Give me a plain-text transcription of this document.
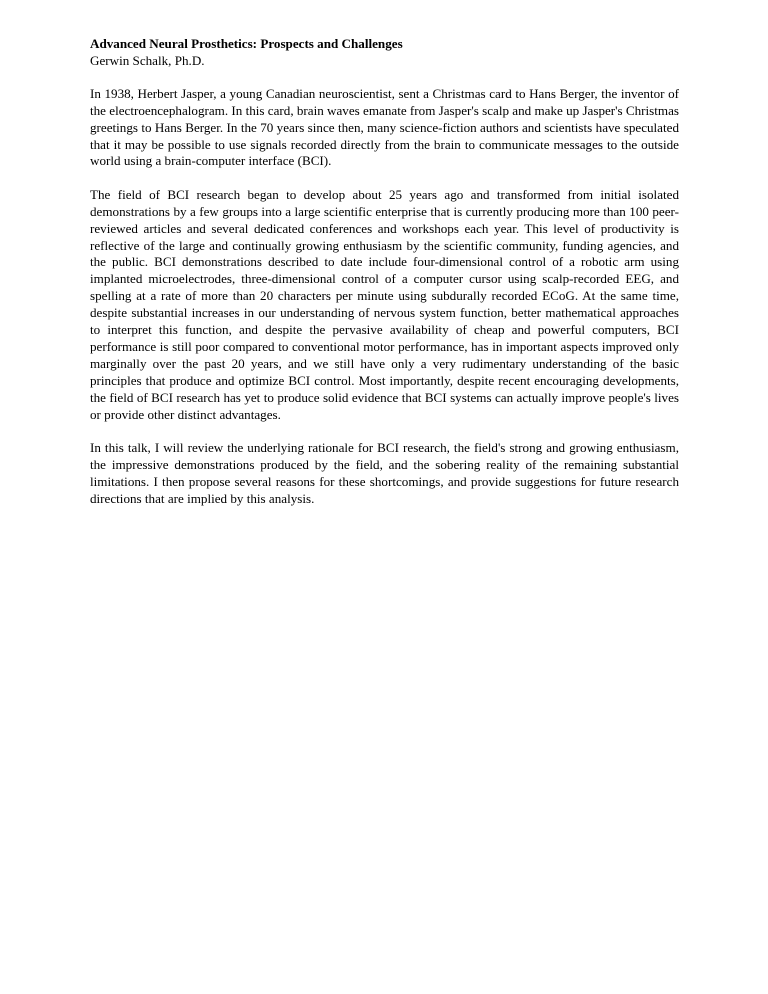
Advanced Neural Prosthetics: Prospects and Challenges

Gerwin Schalk, Ph.D.

In 1938, Herbert Jasper, a young Canadian neuroscientist, sent a Christmas card to Hans Berger, the inventor of the electroencephalogram. In this card, brain waves emanate from Jasper's scalp and make up Jasper's Christmas greetings to Hans Berger. In the 70 years since then, many science-fiction authors and scientists have speculated that it may be possible to use signals recorded directly from the brain to communicate messages to the outside world using a brain-computer interface (BCI).

The field of BCI research began to develop about 25 years ago and transformed from initial isolated demonstrations by a few groups into a large scientific enterprise that is currently producing more than 100 peer-reviewed articles and several dedicated conferences and workshops each year. This level of productivity is reflective of the large and continually growing enthusiasm by the scientific community, funding agencies, and the public. BCI demonstrations described to date include four-dimensional control of a robotic arm using implanted microelectrodes, three-dimensional control of a computer cursor using scalp-recorded EEG, and spelling at a rate of more than 20 characters per minute using subdurally recorded ECoG. At the same time, despite substantial increases in our understanding of nervous system function, better mathematical approaches to interpret this function, and despite the pervasive availability of cheap and powerful computers, BCI performance is still poor compared to conventional motor performance, has in important aspects improved only marginally over the past 20 years, and we still have only a very rudimentary understanding of the basic principles that produce and optimize BCI control. Most importantly, despite recent encouraging developments, the field of BCI research has yet to produce solid evidence that BCI systems can actually improve people's lives or provide other distinct advantages.

In this talk, I will review the underlying rationale for BCI research, the field's strong and growing enthusiasm, the impressive demonstrations produced by the field, and the sobering reality of the remaining substantial limitations. I then propose several reasons for these shortcomings, and provide suggestions for future research directions that are implied by this analysis.
